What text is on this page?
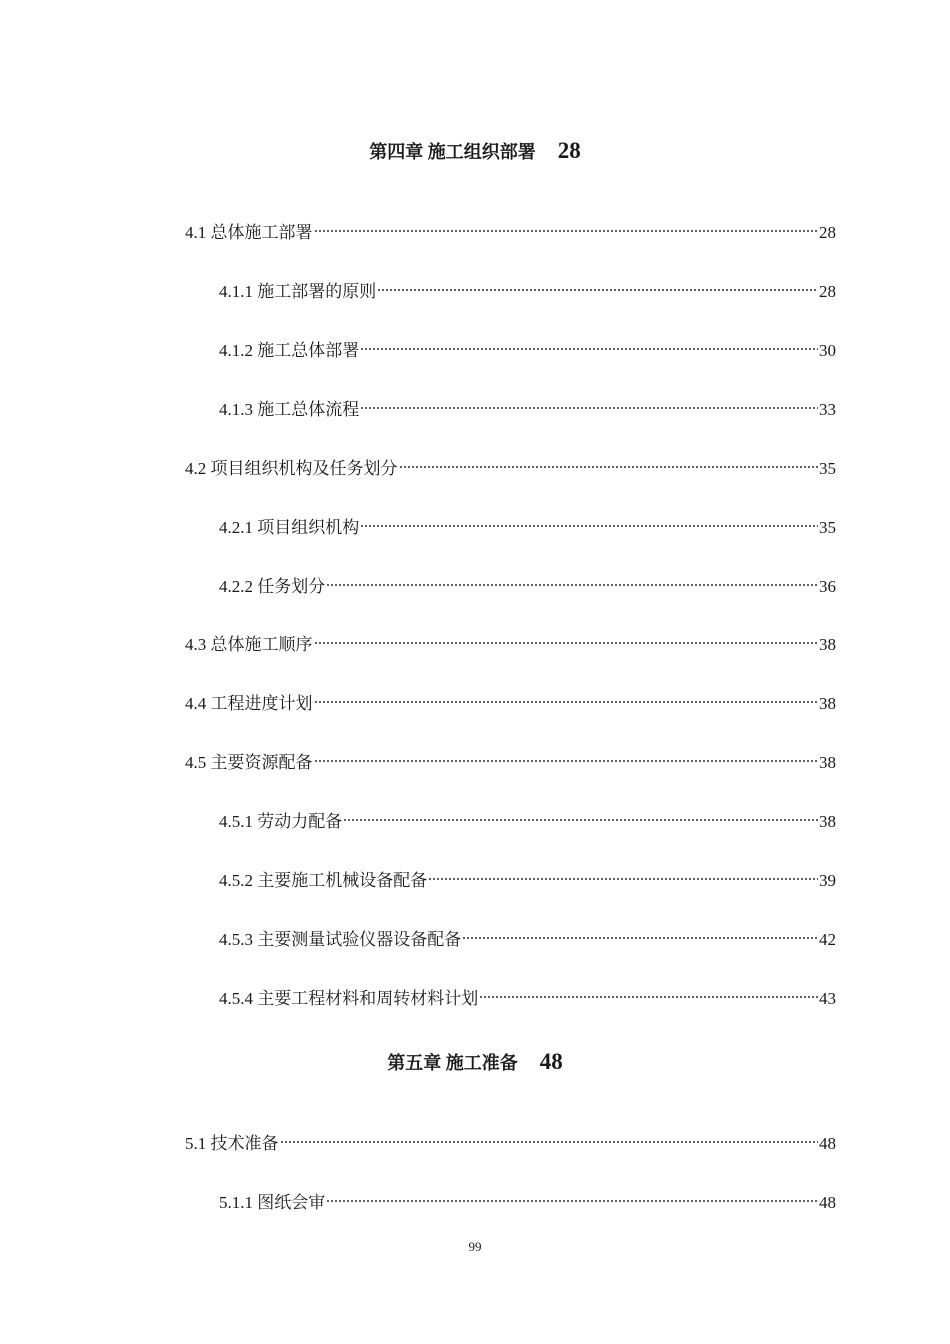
第四章 施工组织部署 28
4.1 总体施工部署	28
4.1.1 施工部署的原则	28
4.1.2 施工总体部署	30
4.1.3 施工总体流程	33
4.2 项目组织机构及任务划分	35
4.2.1 项目组织机构	35
4.2.2 任务划分	36
4.3 总体施工顺序	38
4.4 工程进度计划	38
4.5 主要资源配备	38
4.5.1 劳动力配备	38
4.5.2 主要施工机械设备配备	39
4.5.3 主要测量试验仪器设备配备	42
4.5.4 主要工程材料和周转材料计划	43
第五章 施工准备 48
5.1 技术准备	48
5.1.1 图纸会审	48
99
